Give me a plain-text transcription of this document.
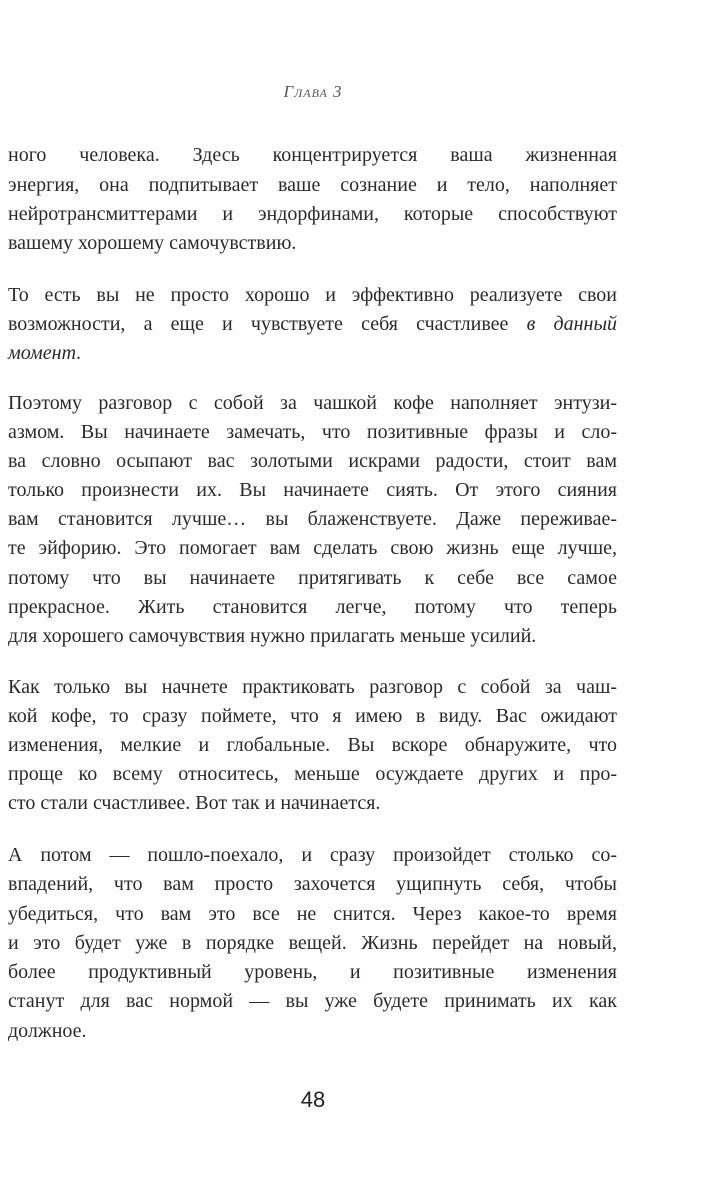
Глава 3
ного человека. Здесь концентрируется ваша жизненная
энергия, она подпитывает ваше сознание и тело, наполняет
нейротрансмиттерами и эндорфинами, которые способствуют
вашему хорошему самочувствию.
То есть вы не просто хорошо и эффективно реализуете свои
возможности, а еще и чувствуете себя счастливее в данный
момент.
Поэтому разговор с собой за чашкой кофе наполняет энтузи-
азмом. Вы начинаете замечать, что позитивные фразы и сло-
ва словно осыпают вас золотыми искрами радости, стоит вам
только произнести их. Вы начинаете сиять. От этого сияния
вам становится лучше… вы блаженствуете. Даже переживае-
те эйфорию. Это помогает вам сделать свою жизнь еще лучше,
потому что вы начинаете притягивать к себе все самое
прекрасное. Жить становится легче, потому что теперь
для хорошего самочувствия нужно прилагать меньше усилий.
Как только вы начнете практиковать разговор с собой за чаш-
кой кофе, то сразу поймете, что я имею в виду. Вас ожидают
изменения, мелкие и глобальные. Вы вскоре обнаружите, что
проще ко всему относитесь, меньше осуждаете других и про-
сто стали счастливее. Вот так и начинается.
А потом — пошло-поехало, и сразу произойдет столько со-
впадений, что вам просто захочется ущипнуть себя, чтобы
убедиться, что вам это все не снится. Через какое-то время
и это будет уже в порядке вещей. Жизнь перейдет на новый,
более продуктивный уровень, и позитивные изменения
станут для вас нормой — вы уже будете принимать их как
должное.
48
